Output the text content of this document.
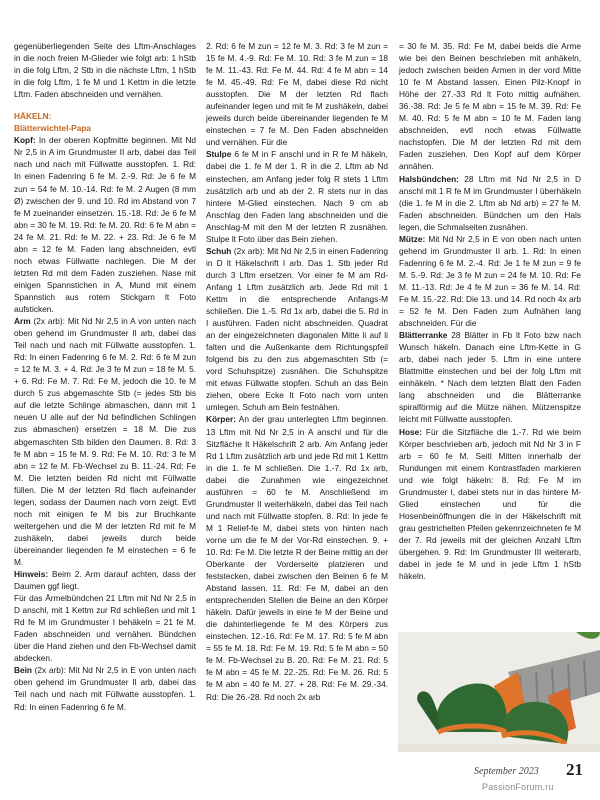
gegenüberliegenden Seite des Lftm-Anschlages in die noch freien M-Glieder wie folgt arb: 1 hStb in die folg Lftm, 2 Stb in die nächste Lftm, 1 hStb in die folg Lftm, 1 fe M und 1 Kettm in die letzte Lftm. Faden abschneiden und vernähen.

HÄKELN:

Blätterwichtel-Papa

Kopf: In der oberen Kopfmitte beginnen. Mit Nd Nr 2,5 in A im Grundmuster II arb, dabei das Teil nach und nach mit Füllwatte ausstopfen. 1. Rd: In einen Fadenring 6 fe M. 2.-9. Rd: Je 6 fe M zun = 54 fe M. 10.-14. Rd: fe M. 2 Augen (8 mm Ø) zwischen der 9. und 10. Rd im Abstand von 7 fe M zueinander einsetzen. 15.-18. Rd: Je 6 fe M abn = 30 fe M. 19. Rd: fe M. 20. Rd: 6 fe M abn = 24 fe M. 21. Rd: fe M. 22. + 23. Rd: Je 6 fe M abn = 12 fe M. Faden lang abschneiden, evtl noch etwas Füllwatte nachlegen. Die M der letzten Rd mit dem Faden zusziehen. Nase mit einigen Spannstichen in A, Mund mit einem Spannstich aus rotem Stickgarn lt Foto aufsticken.

Arm (2x arb): Mit Nd Nr 2,5 in A von unten nach oben gehend im Grundmuster II arb, dabei das Teil nach und nach mit Füllwatte ausstopfen. 1. Rd: In einen Fadenring 6 fe M. 2. Rd: 6 fe M zun = 12 fe M. 3. + 4. Rd: Je 3 fe M zun = 18 fe M. 5. + 6. Rd: Fe M. 7. Rd: Fe M, jedoch die 10. fe M durch 5 zus abgemaschte Stb (= jedes Stb bis auf die letzte Schlinge abmaschen, dann mit 1 neuen U alle auf der Nd befindlichen Schlingen zus abmaschen) ersetzen = 18 M. Die zus abgemaschten Stb bilden den Daumen. 8. Rd: 3 fe M abn = 15 fe M. 9. Rd: Fe M. 10. Rd: 3 fe M abn = 12 fe M. Fb-Wechsel zu B. 11.-24. Rd: Fe M. Die letzten beiden Rd nicht mit Füllwatte füllen. Die M der letzten Rd flach aufeinander legen, sodass der Daumen nach vorn zeigt. Evtl noch mit einigen fe M bis zur Bruchkante weitergehen und die M der letzten Rd mit fe M zushäkeln, dabei jeweils durch beide übereinander liegenden fe M einstechen = 6 fe M.

Hinweis: Beim 2. Arm darauf achten, dass der Daumen ggf liegt.

Für das Ärmelbündchen 21 Lftm mit Nd Nr 2,5 in D anschl, mit 1 Kettm zur Rd schließen und mit 1 Rd fe M im Grundmuster I behäkeln = 21 fe M. Faden abschneiden und vernähen. Bündchen über die Hand ziehen und den Fb-Wechsel damit abdecken.

Bein (2x arb): Mit Nd Nr 2,5 in E von unten nach oben gehend im Grundmuster II arb, dabei das Teil nach und nach mit Füllwatte ausstopfen. 1. Rd: In einen Fadenring 6 fe M.

2. Rd: 6 fe M zun = 12 fe M. 3. Rd: 3 fe M zun = 15 fe M. 4.-9. Rd: Fe M. 10. Rd: 3 fe M zun = 18 fe M. 11.-43. Rd: Fe M. 44. Rd: 4 fe M abn = 14 fe M. 45.-49. Rd: Fe M, dabei diese Rd nicht ausstopfen. Die M der letzten Rd flach aufeinander legen und mit fe M zushäkeln, dabei jeweils durch beide übereinander liegenden fe M einstechen = 7 fe M. Den Faden abschneiden und vernähen. Für die

Stulpe 6 fe M in F anschl und in R fe M häkeln, dabei die 1. fe M der 1. R in die 2. Lftm ab Nd einstechen, am Anfang jeder folg R stets 1 Lftm zusätzlich arb und ab der 2. R stets nur in das hintere M-Glied einstechen. Nach 9 cm ab Anschlag den Faden lang abschneiden und die Anschlag-M mit den M der letzten R zusnähen. Stulpe lt Foto über das Bein ziehen.

Schuh (2x arb): Mit Nd Nr 2,5 in einen Fadenring in D lt Häkelschrift I arb. Das 1. Stb jeder Rd durch 3 Lftm ersetzen. Vor einer fe M am Rd-Anfang 1 Lftm zusätzlich arb. Jede Rd mit 1 Kettm in die entsprechende Anfangs-M schließen. Die 1.-5. Rd 1x arb, dabei die 5. Rd in I ausführen. Faden nicht abschneiden. Quadrat an der eingezeichneten diagonalen Mitte li auf li falten und die Außenkante dem Richtungspfeil folgend bis zu den zus abgemaschten Stb (= vord Schuhspitze) zusnähen. Die Schuhspitze mit etwas Füllwatte stopfen. Schuh an das Bein ziehen, obere Ecke lt Foto nach vorn unten umlegen. Schuh am Bein festnähen.

Körper: An der grau unterlegten Lftm beginnen. 13 Lftm mit Nd Nr 2,5 in A anschl und für die Sitzfläche lt Häkelschrift 2 arb. Am Anfang jeder Rd 1 Lftm zusätzlich arb und jede Rd mit 1 Kettm in die 1. fe M schließen. Die 1.-7. Rd 1x arb, dabei die Zunahmen wie eingezeichnet ausführen = 60 fe M. Anschließend im Grundmuster II weiterhäkeln, dabei das Teil nach und nach mit Füllwatte stopfen. 8. Rd: In jede fe M 1 Relief-fe M, dabei stets von hinten nach vorne um die fe M der Vor-Rd einstechen. 9. + 10. Rd: Fe M. Die letzte R der Beine mittig an der Oberkante der Vorderseite platzieren und feststecken, dabei zwischen den Beinen 6 fe M Abstand lassen. 11. Rd: Fe M, dabei an den entsprechenden Stellen die Beine an den Körper häkeln. Dafür jeweils in eine fe M der Beine und die dahinterliegende fe M des Körpers zus einstechen. 12.-16. Rd: Fe M. 17. Rd: 5 fe M abn = 55 fe M. 18. Rd: Fe M. 19. Rd: 5 fe M abn = 50 fe M. Fb-Wechsel zu B. 20. Rd: Fe M. 21. Rd: 5 fe M abn = 45 fe M. 22.-25. Rd: Fe M. 26. Rd: 5 fe M abn = 40 fe M. 27. + 28. Rd: Fe M. 29.-34. Rd: Die 26.-28. Rd noch 2x arb

= 30 fe M. 35. Rd: Fe M, dabei beids die Arme wie bei den Beinen beschrieben mit anhäkeln, jedoch zwischen beiden Armen in der vord Mitte 10 fe M Abstand lassen. Einen Pilz-Knopf in Höhe der 27.-33 Rd lt Foto mittig aufnähen. 36.-38. Rd: Je 5 fe M abn = 15 fe M. 39. Rd: Fe M. 40. Rd: 5 fe M abn = 10 fe M. Faden lang abschneiden, evtl noch etwas Füllwatte nachstopfen. Die M der letzten Rd mit dem Faden zusziehen. Den Kopf auf dem Körper annähen.

Halsbündchen: 28 Lftm mit Nd Nr 2,5 in D anschl mit 1 R fe M im Grundmuster I überhäkeln (die 1. fe M in die 2. Lftm ab Nd arb) = 27 fe M. Faden abschneiden. Bündchen um den Hals legen, die Schmalseiten zusnähen.

Mütze: Mit Nd Nr 2,5 in E von oben nach unten gehend im Grundmuster II arb. 1. Rd: In einen Fadenring 6 fe M. 2.-4. Rd: Je 1 fe M zun = 9 fe M. 5.-9. Rd: Je 3 fe M zun = 24 fe M. 10. Rd: Fe M. 11.-13. Rd: Je 4 fe M zun = 36 fe M. 14. Rd: Fe M. 15.-22. Rd: Die 13. und 14. Rd noch 4x arb = 52 fe M. Den Faden zum Aufnähen lang abschneiden. Für die

Blätterranke 28 Blätter in Fb lt Foto bzw nach Wunsch häkeln. Danach eine Lftm-Kette in G arb, dabei nach jeder 5. Lftm in eine untere Blattmitte einstechen und bei der folg Lftm mit einhäkeln. * Nach dem letzten Blatt den Faden lang abschneiden und die Blätterranke spiralförmig auf die Mütze nähen. Mützenspitze leicht mit Füllwatte ausstopfen.

Hose: Für die Sitzfläche die 1.-7. Rd wie beim Körper beschrieben arb, jedoch mit Nd Nr 3 in F arb = 60 fe M. Seitl Mitten innerhalb der Rundungen mit einem Kontrastfaden markieren und wie folgt häkeln: 8. Rd: Fe M im Grundmuster I, dabei stets nur in das hintere M-Glied einstechen und für die Hosenbeinöffnungen die in der Häkelschrift mit grau gestrichelten Pfeilen gekennzeichneten fe M der 7. Rd jeweils mit der gleichen Anzahl Lftm übergehen. 9. Rd: Im Grundmuster III weiterarb, dabei in jede fe M und in jede Lftm 1 hStb häkeln.

September 2023 21
PassionForum.ru
